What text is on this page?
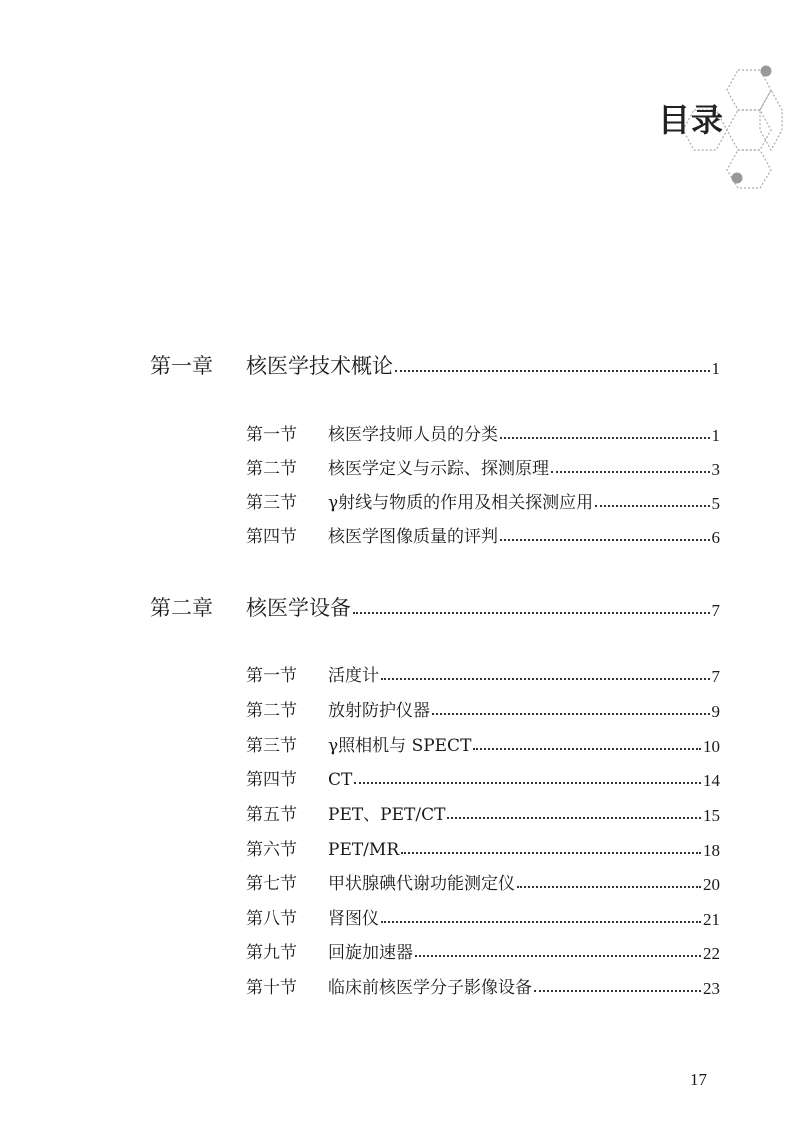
目录
第一章	核医学技术概论	1
第一节	核医学技师人员的分类	1
第二节	核医学定义与示踪、探测原理	3
第三节	γ射线与物质的作用及相关探测应用	5
第四节	核医学图像质量的评判	6
第二章	核医学设备	7
第一节	活度计	7
第二节	放射防护仪器	9
第三节	γ照相机与 SPECT	10
第四节	CT	14
第五节	PET、PET/CT	15
第六节	PET/MR	18
第七节	甲状腺碘代谢功能测定仪	20
第八节	肾图仪	21
第九节	回旋加速器	22
第十节	临床前核医学分子影像设备	23
17
